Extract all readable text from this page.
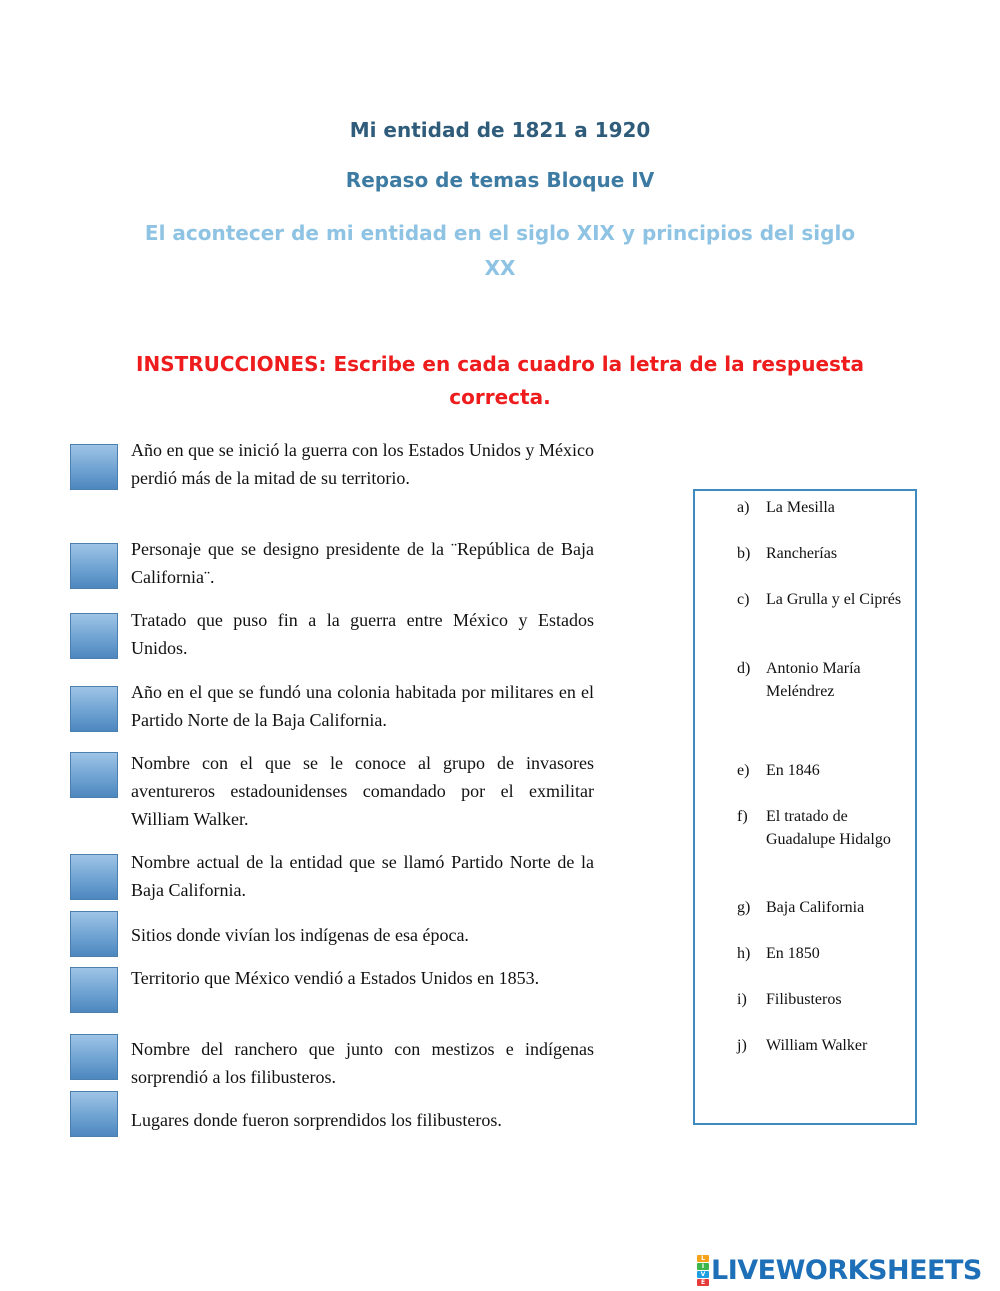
Mi entidad de 1821 a 1920
Repaso de temas Bloque IV
El acontecer de mi entidad en el siglo XIX y principios del siglo XX
INSTRUCCIONES: Escribe en cada cuadro la letra de la respuesta correcta.
Año en que se inició la guerra con los Estados Unidos y México perdió más de la mitad de su territorio.
Personaje que se designo presidente de la ¨República de Baja California¨.
Tratado que puso fin a la guerra entre México y Estados Unidos.
Año en el que se fundó una colonia habitada por militares en el Partido Norte de la Baja California.
Nombre con el que se le conoce al grupo de invasores aventureros estadounidenses comandado por el exmilitar William Walker.
Nombre actual de la entidad que se llamó Partido Norte de la Baja California.
Sitios donde vivían los indígenas de esa época.
Territorio que México vendió a Estados Unidos en 1853.
Nombre del ranchero que junto con mestizos e indígenas sorprendió a los filibusteros.
Lugares donde fueron sorprendidos los filibusteros.
a) La Mesilla
b) Rancherías
c) La Grulla y el Ciprés
d) Antonio María Meléndrez
e) En 1846
f) El tratado de Guadalupe Hidalgo
g) Baja California
h) En 1850
i) Filibusteros
j) William Walker
L
I
V
E LIVEWORKSHEETS
